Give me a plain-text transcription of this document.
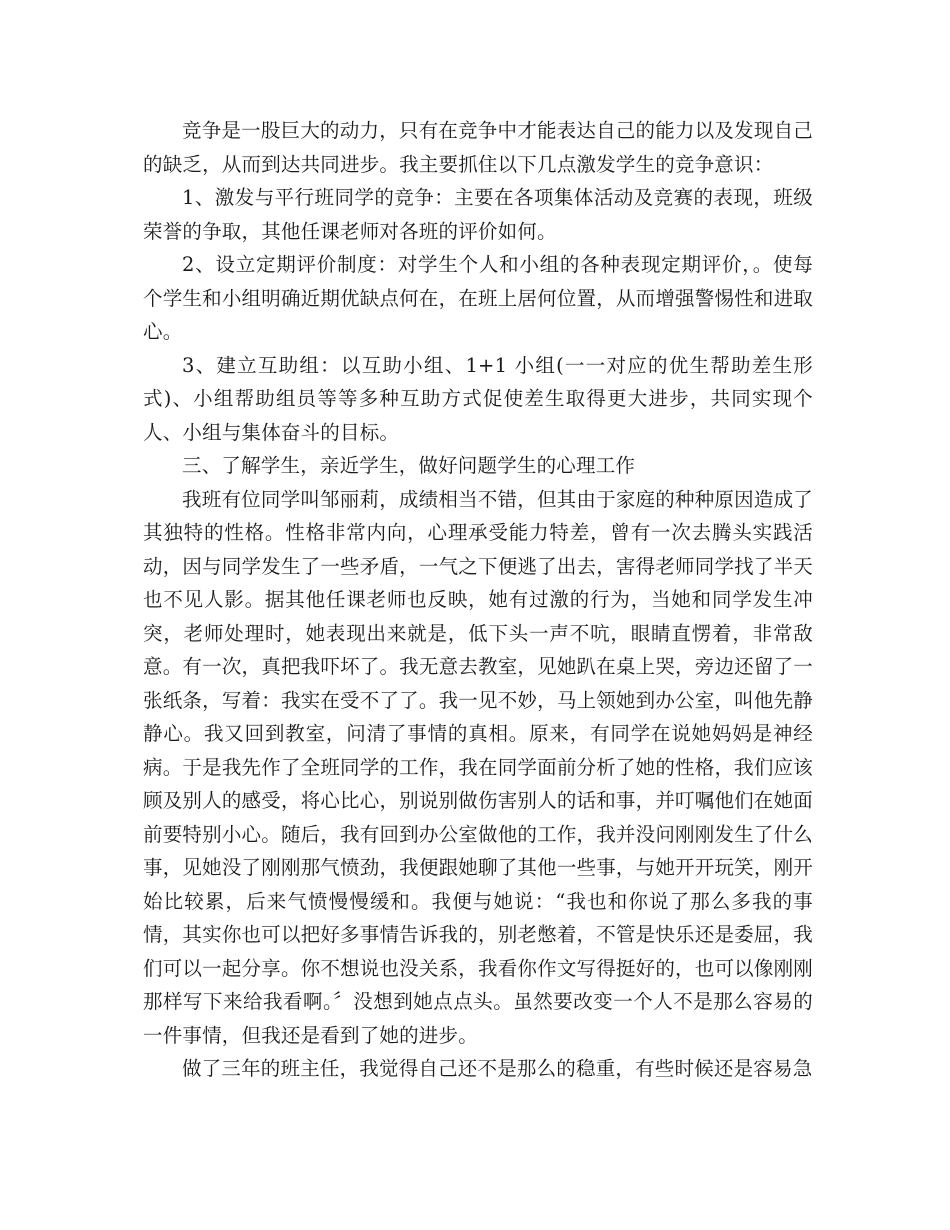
竞争是一股巨大的动力，只有在竞争中才能表达自己的能力以及发现自己的缺乏，从而到达共同进步。我主要抓住以下几点激发学生的竞争意识：

1、激发与平行班同学的竞争：主要在各项集体活动及竞赛的表现，班级荣誉的争取，其他任课老师对各班的评价如何。

2、设立定期评价制度：对学生个人和小组的各种表现定期评价，。使每个学生和小组明确近期优缺点何在，在班上居何位置，从而增强警惕性和进取心。

3、建立互助组：以互助小组、1+1 小组(一一对应的优生帮助差生形式)、小组帮助组员等等多种互助方式促使差生取得更大进步，共同实现个人、小组与集体奋斗的目标。

三、了解学生，亲近学生，做好问题学生的心理工作

我班有位同学叫邹丽莉，成绩相当不错，但其由于家庭的种种原因造成了其独特的性格。性格非常内向，心理承受能力特差，曾有一次去腾头实践活动，因与同学发生了一些矛盾，一气之下便逃了出去，害得老师同学找了半天也不见人影。据其他任课老师也反映，她有过激的行为，当她和同学发生冲突，老师处理时，她表现出来就是，低下头一声不吭，眼睛直愣着，非常敌意。有一次，真把我吓坏了。我无意去教室，见她趴在桌上哭，旁边还留了一张纸条，写着：我实在受不了了。我一见不妙，马上领她到办公室，叫他先静静心。我又回到教室，问清了事情的真相。原来，有同学在说她妈妈是神经病。于是我先作了全班同学的工作，我在同学面前分析了她的性格，我们应该顾及别人的感受，将心比心，别说别做伤害别人的话和事，并叮嘱他们在她面前要特别小心。随后，我有回到办公室做他的工作，我并没问刚刚发生了什么事，见她没了刚刚那气愤劲，我便跟她聊了其他一些事，与她开开玩笑，刚开始比较累，后来气愤慢慢缓和。我便与她说：“我也和你说了那么多我的事情，其实你也可以把好多事情告诉我的，别老憋着，不管是快乐还是委屈，我们可以一起分享。你不想说也没关系，我看你作文写得挺好的，也可以像刚刚那样写下来给我看啊。〞没想到她点点头。虽然要改变一个人不是那么容易的一件事情，但我还是看到了她的进步。

做了三年的班主任，我觉得自己还不是那么的稳重，有些时候还是容易急
